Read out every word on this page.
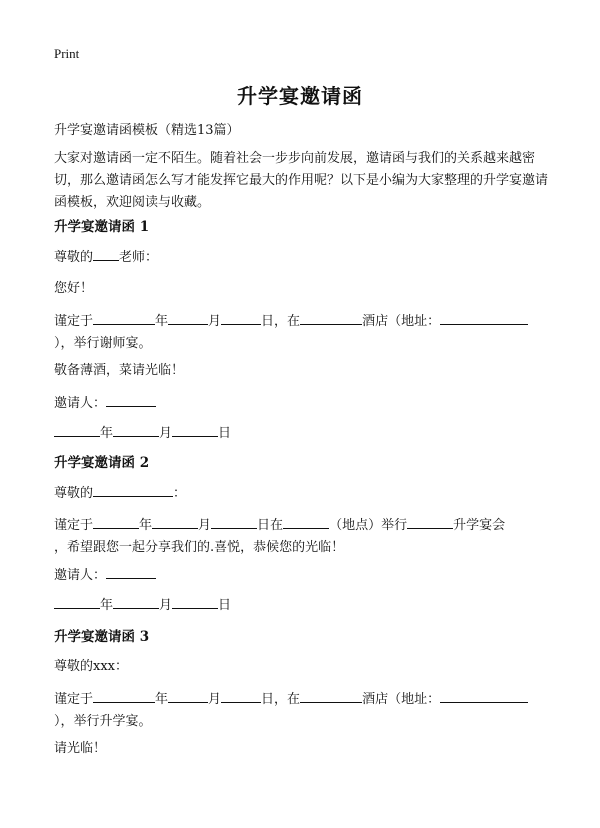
Print
升学宴邀请函

升学宴邀请函模板（精选13篇）

大家对邀请函一定不陌生。随着社会一步步向前发展，邀请函与我们的关系越来越密切，那么邀请函怎么写才能发挥它最大的作用呢？以下是小编为大家整理的升学宴邀请函模板，欢迎阅读与收藏。

升学宴邀请函 1

尊敬的 老师：

您好！

谨定于	年	月	日，在	酒店（地址：
），举行谢师宴。

敬备薄酒，菜请光临！

邀请人：

年	月	日

升学宴邀请函 2

尊敬的	：

谨定于	年	月	日在	（地点）举行	升学宴会
，希望跟您一起分享我们的.喜悦，恭候您的光临！

邀请人：

年	月	日

升学宴邀请函 3

尊敬的xxx：

谨定于	年	月	日，在	酒店（地址：
），举行升学宴。

请光临！
